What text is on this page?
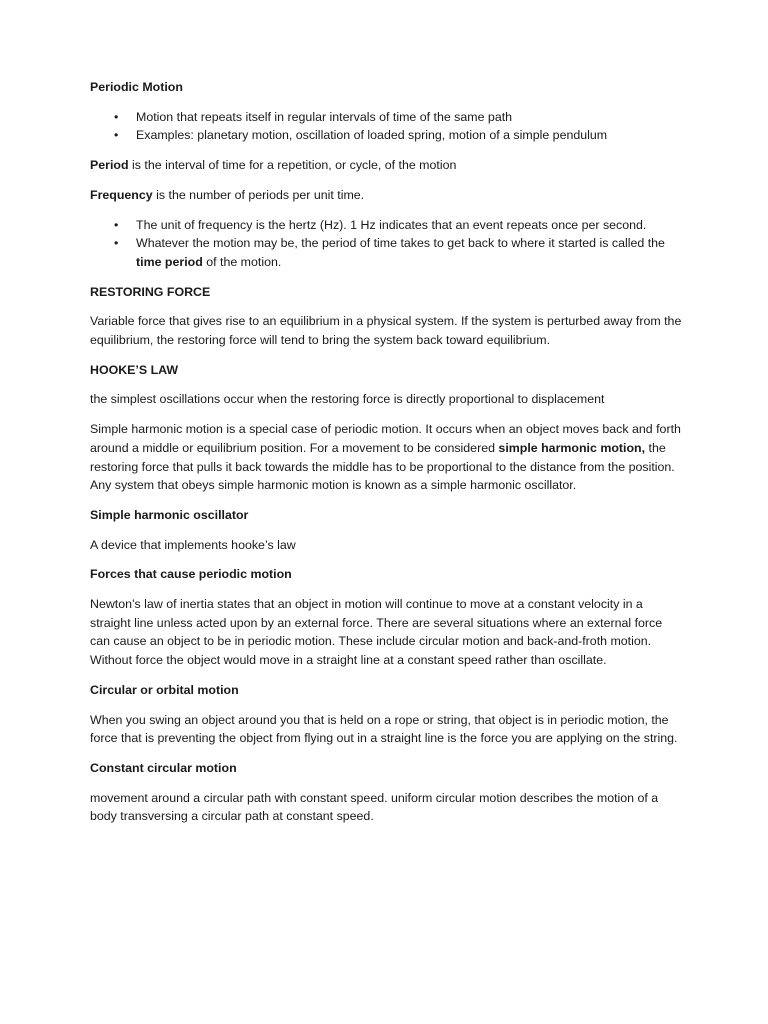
Periodic Motion
• Motion that repeats itself in regular intervals of time of the same path
• Examples: planetary motion, oscillation of loaded spring, motion of a simple pendulum

Period is the interval of time for a repetition, or cycle, of the motion

Frequency is the number of periods per unit time.

• The unit of frequency is the hertz (Hz). 1 Hz indicates that an event repeats once per second.
• Whatever the motion may be, the period of time takes to get back to where it started is called the time period of the motion.
RESTORING FORCE

Variable force that gives rise to an equilibrium in a physical system. If the system is perturbed away from the equilibrium, the restoring force will tend to bring the system back toward equilibrium.

HOOKE’S LAW

the simplest oscillations occur when the restoring force is directly proportional to displacement

Simple harmonic motion is a special case of periodic motion. It occurs when an object moves back and forth around a middle or equilibrium position. For a movement to be considered simple harmonic motion, the restoring force that pulls it back towards the middle has to be proportional to the distance from the position. Any system that obeys simple harmonic motion is known as a simple harmonic oscillator.

Simple harmonic oscillator

A device that implements hooke’s law

Forces that cause periodic motion

Newton’s law of inertia states that an object in motion will continue to move at a constant velocity in a straight line unless acted upon by an external force. There are several situations where an external force can cause an object to be in periodic motion. These include circular motion and back-and-froth motion. Without force the object would move in a straight line at a constant speed rather than oscillate.

Circular or orbital motion

When you swing an object around you that is held on a rope or string, that object is in periodic motion, the force that is preventing the object from flying out in a straight line is the force you are applying on the string.

Constant circular motion

movement around a circular path with constant speed. uniform circular motion describes the motion of a body transversing a circular path at constant speed.
